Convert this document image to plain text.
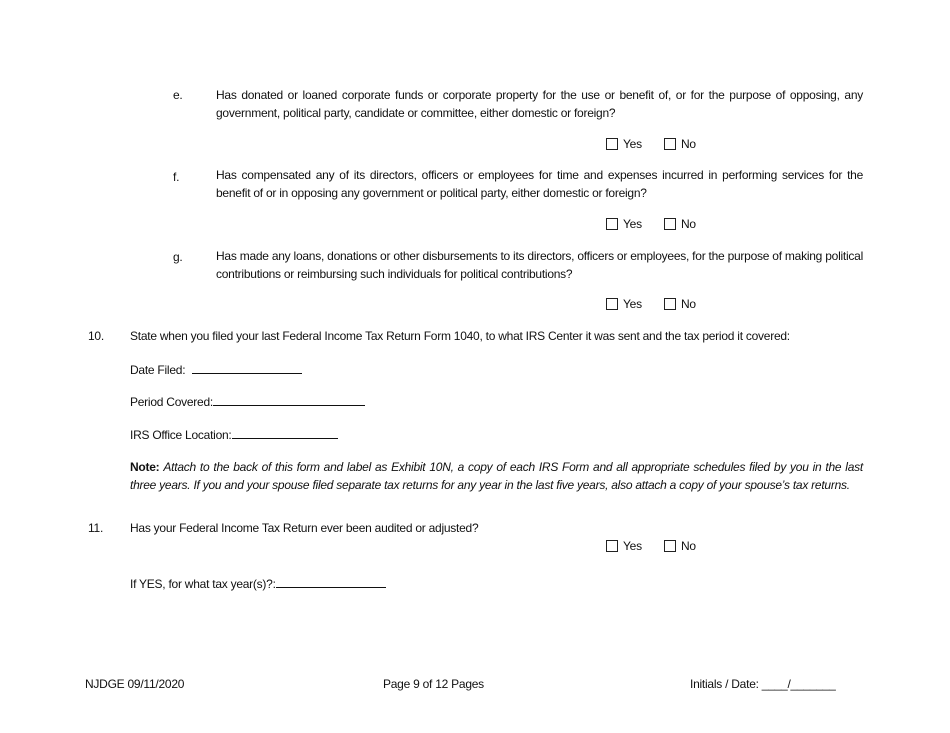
e.	Has donated or loaned corporate funds or corporate property for the use or benefit of, or for the purpose of opposing, any government, political party, candidate or committee, either domestic or foreign?
Yes	No
f.	Has compensated any of its directors, officers or employees for time and expenses incurred in performing services for the benefit of or in opposing any government or political party, either domestic or foreign?
Yes	No
g.	Has made any loans, donations or other disbursements to its directors, officers or employees, for the purpose of making political contributions or reimbursing such individuals for political contributions?
Yes	No
10. State when you filed your last Federal Income Tax Return Form 1040, to what IRS Center it was sent and the tax period it covered:
Date Filed:
Period Covered:
IRS Office Location:
Note: Attach to the back of this form and label as Exhibit 10N, a copy of each IRS Form and all appropriate schedules filed by you in the last three years. If you and your spouse filed separate tax returns for any year in the last five years, also attach a copy of your spouse’s tax returns.
11. Has your Federal Income Tax Return ever been audited or adjusted?
Yes	No
If YES, for what tax year(s)?:
NJDGE 09/11/2020	Page 9 of 12 Pages	Initials / Date: ____/_______
